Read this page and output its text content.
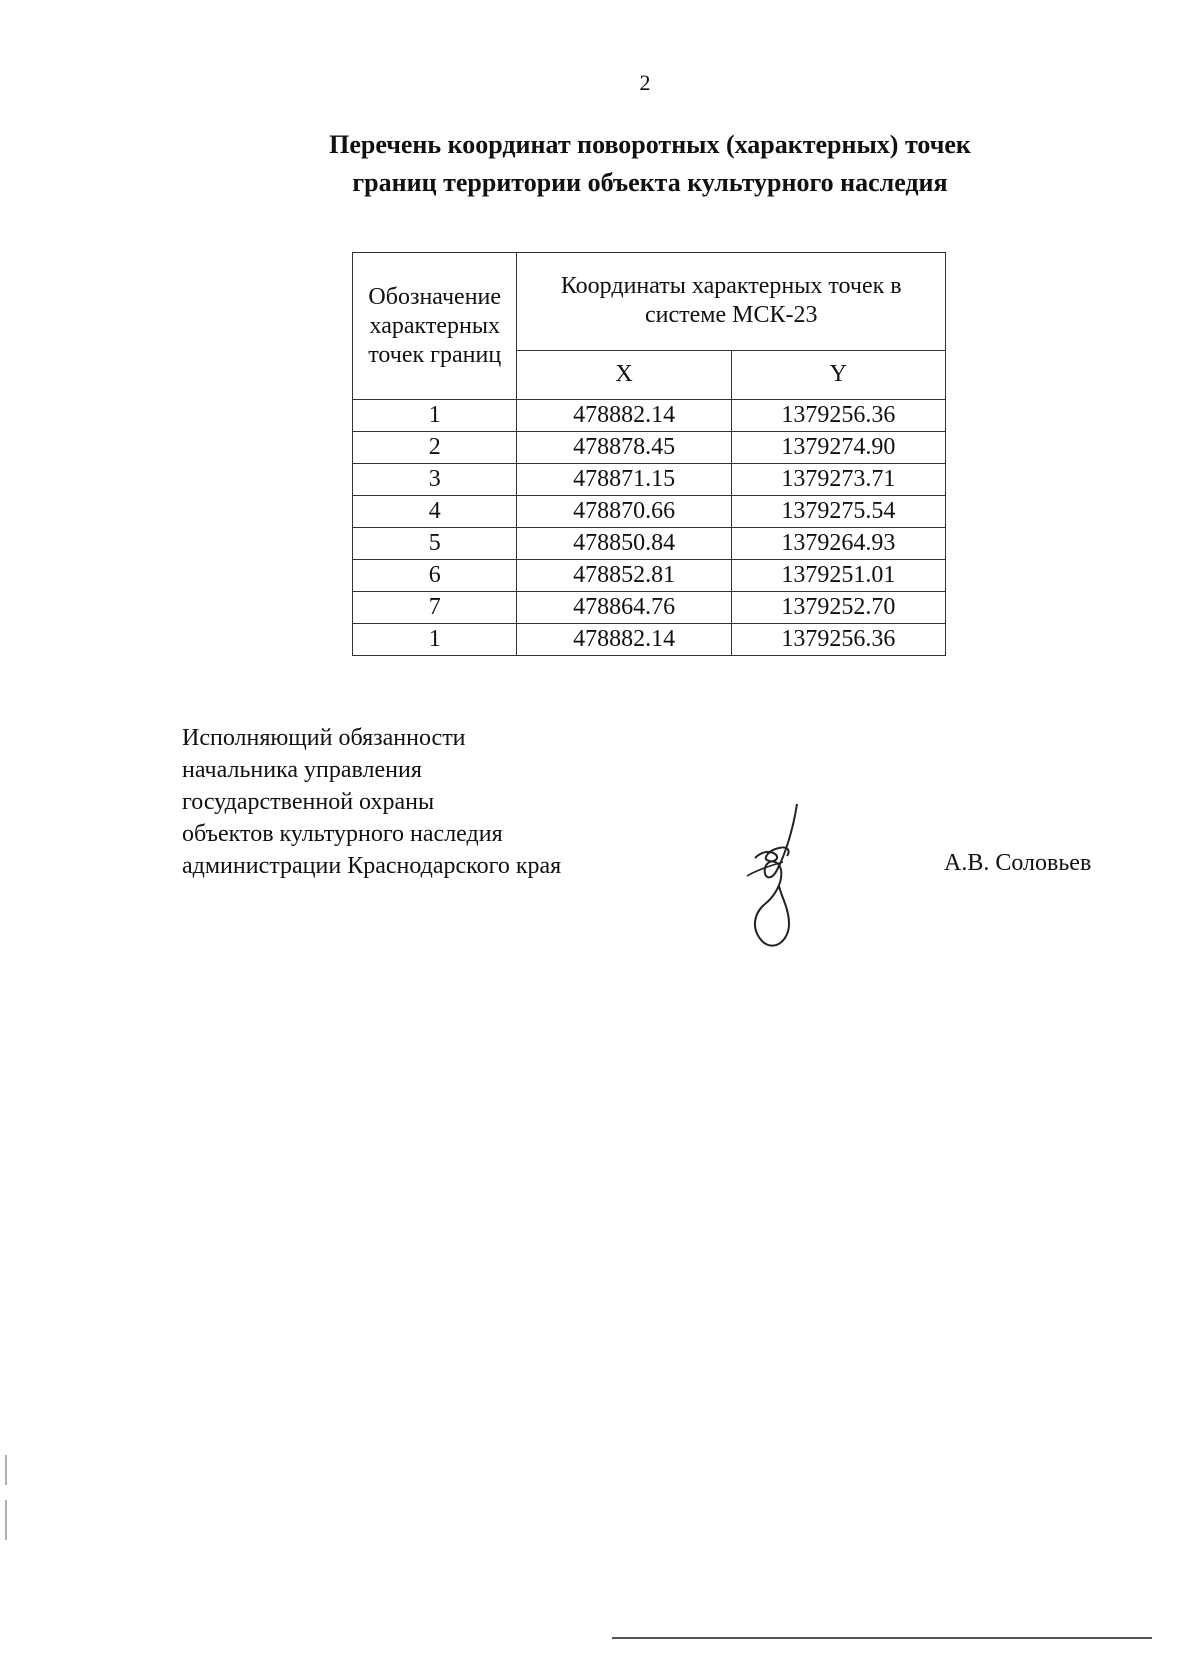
2
Перечень координат поворотных (характерных) точек
границ территории объекта культурного наследия
Обозначение
характерных
точек границ	Координаты характерных точек в
системе МСК-23	

	X	Y
1	478882.14	1379256.36
2	478878.45	1379274.90
3	478871.15	1379273.71
4	478870.66	1379275.54
5	478850.84	1379264.93
6	478852.81	1379251.01
7	478864.76	1379252.70
1	478882.14	1379256.36
Исполняющий обязанности
начальника управления
государственной охраны
объектов культурного наследия
администрации Краснодарского края	А.В. Соловьев
